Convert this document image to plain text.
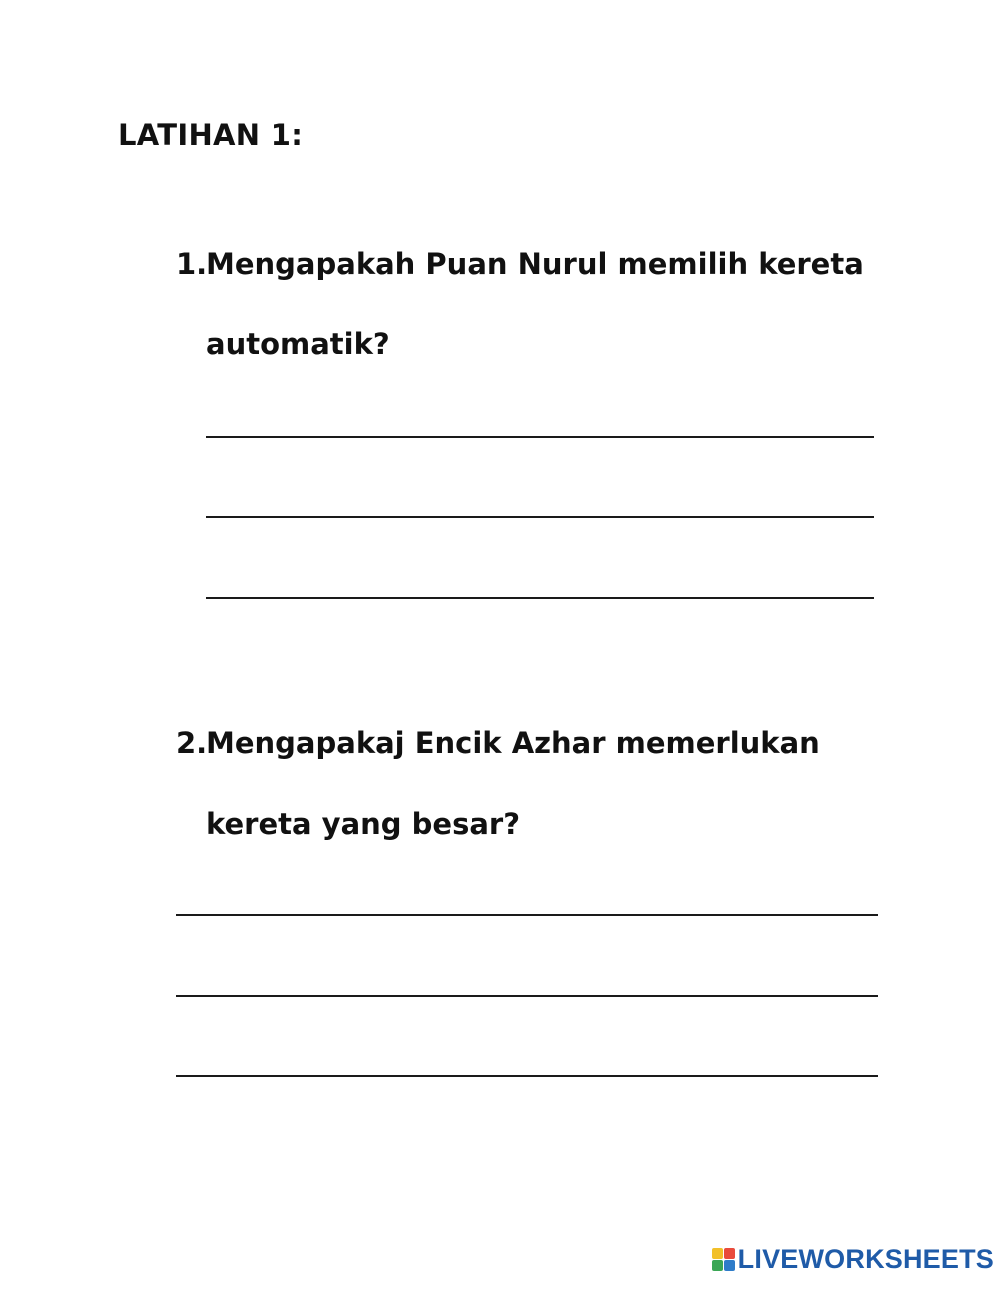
LATIHAN 1:
1.

Mengapakah Puan Nurul memilih kereta

automatik?

2.

Mengapakaj Encik Azhar memerlukan

kereta yang besar?

LIVEWORKSHEETS
